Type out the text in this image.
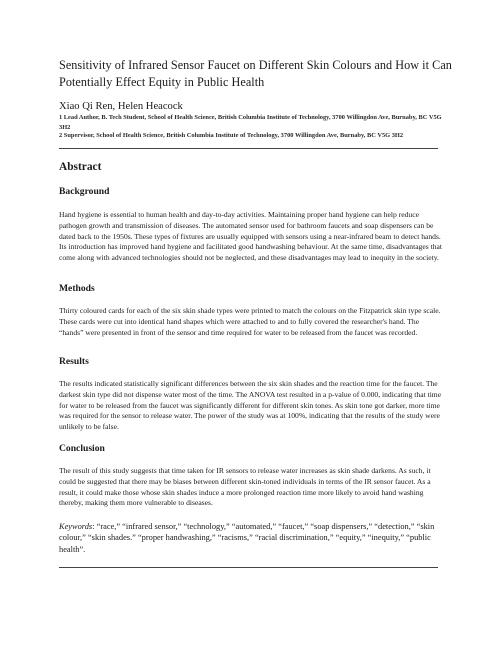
Sensitivity of Infrared Sensor Faucet on Different Skin Colours and How it Can Potentially Effect Equity in Public Health
Xiao Qi Ren, Helen Heacock
1 Lead Author, B. Tech Student, School of Health Science, British Columbia Institute of Technology, 3700 Willingdon Ave, Burnaby, BC V5G 3H2
2 Supervisor, School of Health Science, British Columbia Institute of Technology, 3700 Willingdon Ave, Burnaby, BC V5G 3H2
Abstract
Background
Hand hygiene is essential to human health and day-to-day activities. Maintaining proper hand hygiene can help reduce pathogen growth and transmission of diseases. The automated sensor used for bathroom faucets and soap dispensers can be dated back to the 1950s. These types of fixtures are usually equipped with sensors using a near-infrared beam to detect hands. Its introduction has improved hand hygiene and facilitated good handwashing behaviour. At the same time, disadvantages that come along with advanced technologies should not be neglected, and these disadvantages may lead to inequity in the society.
Methods
Thirty coloured cards for each of the six skin shade types were printed to match the colours on the Fitzpatrick skin type scale. These cards were cut into identical hand shapes which were attached to and to fully covered the researcher's hand. The “hands” were presented in front of the sensor and time required for water to be released from the faucet was recorded.
Results
The results indicated statistically significant differences between the six skin shades and the reaction time for the faucet. The darkest skin type did not dispense water most of the time. The ANOVA test resulted in a p-value of 0.000, indicating that time for water to be released from the faucet was significantly different for different skin tones. As skin tone got darker, more time was required for the sensor to release water. The power of the study was at 100%, indicating that the results of the study were unlikely to be false.
Conclusion
The result of this study suggests that time taken for IR sensors to release water increases as skin shade darkens. As such, it could be suggested that there may be biases between different skin-toned individuals in terms of the IR sensor faucet. As a result, it could make those whose skin shades induce a more prolonged reaction time more likely to avoid hand washing thereby, making them more vulnerable to diseases.
Keywords: “race,” “infrared sensor,” “technology,” “automated,” “faucet,” “soap dispensers,” “detection,” “skin colour,” “skin shades.” “proper handwashing,” “racisms,” “racial discrimination,” “equity,” “inequity,” “public health”.
